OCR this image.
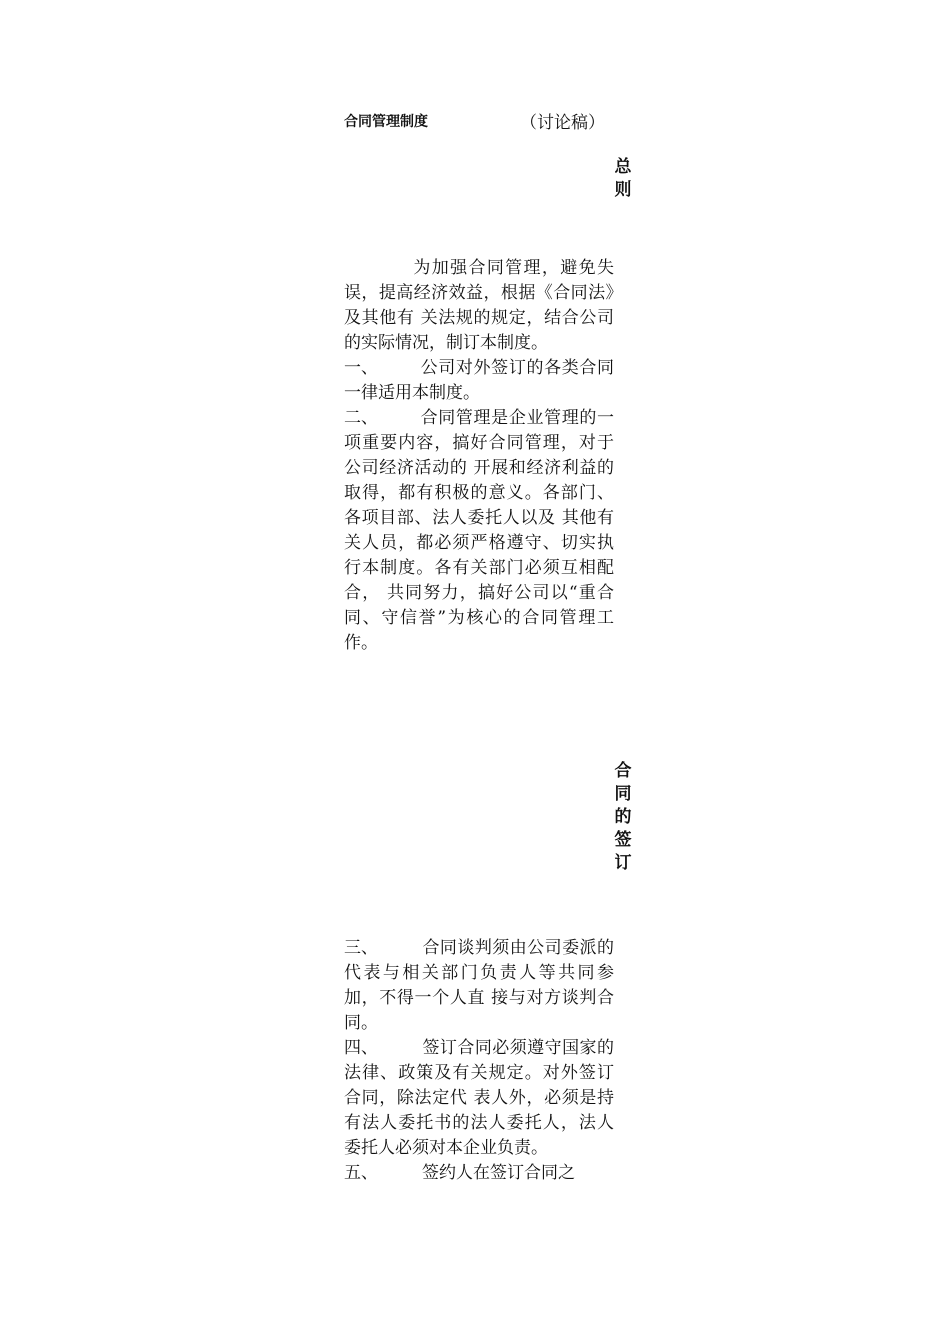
合同管理制度	（讨论稿）
总则

为加强合同管理，避免失误，提高经济效益，根据《合同法》及其他有 关法规的规定，结合公司的实际情况，制订本制度。

一、 公司对外签订的各类合同一律适用本制度。

二、 合同管理是企业管理的一项重要内容，搞好合同管理，对于公司经济活动的 开展和经济利益的取得，都有积极的意义。各部门、各项目部、法人委托人以及 其他有关人员，都必须严格遵守、切实执行本制度。各有关部门必须互相配合， 共同努力，搞好公司以“重合同、守信誉”为核心的合同管理工作。

合同的签订

三、	合同谈判须由公司委派的代表与相关部门负责人等共同参加，不得一个人直 接与对方谈判合同。

四、	签订合同必须遵守国家的法律、政策及有关规定。对外签订合同，除法定代 表人外，必须是持有法人委托书的法人委托人，法人委托人必须对本企业负责。

五、	签约人在签订合同之
